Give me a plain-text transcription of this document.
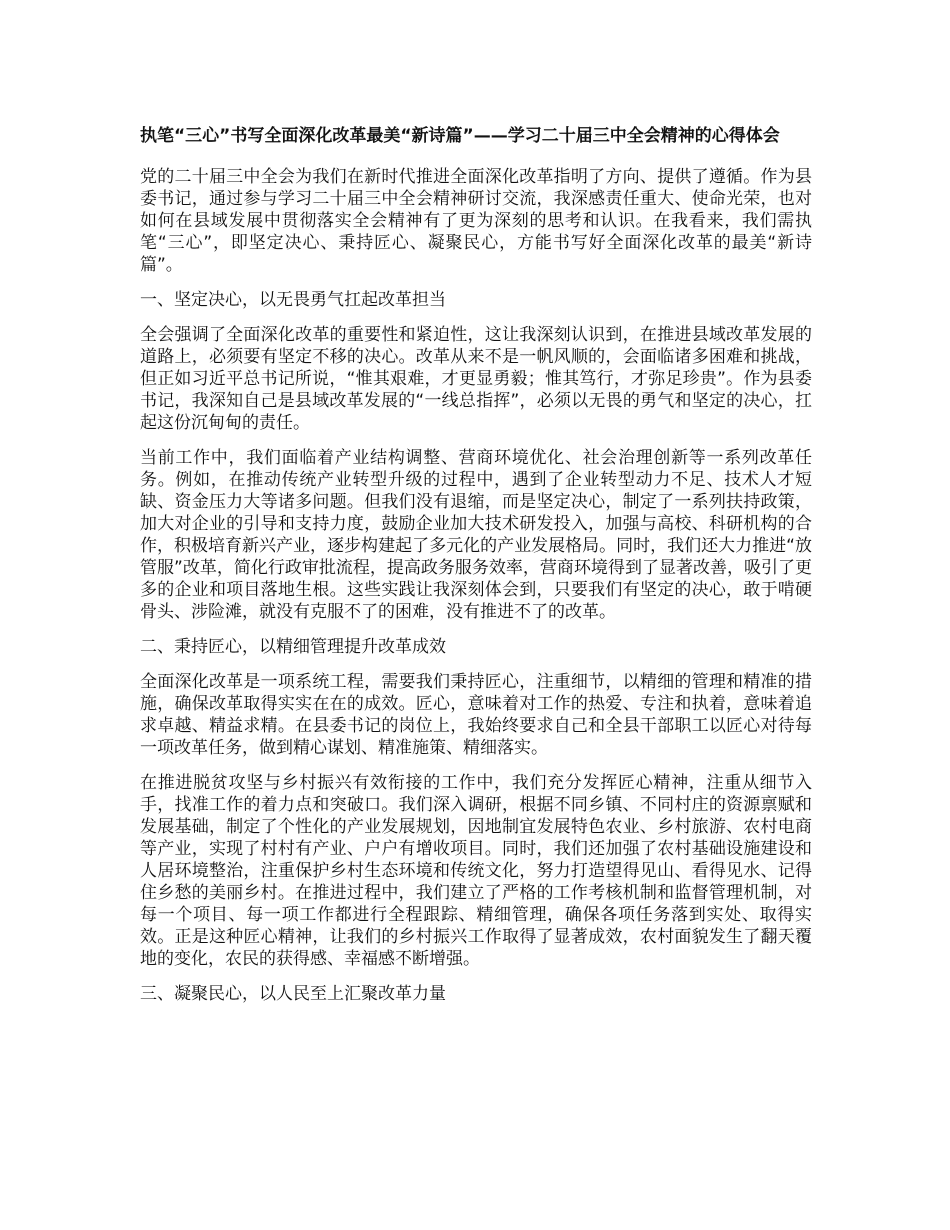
执笔“三心”书写全面深化改革最美“新诗篇”——学习二十届三中全会精神的心得体会
党的二十届三中全会为我们在新时代推进全面深化改革指明了方向、提供了遵循。作为县委书记，通过参与学习二十届三中全会精神研讨交流，我深感责任重大、使命光荣，也对如何在县域发展中贯彻落实全会精神有了更为深刻的思考和认识。在我看来，我们需执笔“三心”，即坚定决心、秉持匠心、凝聚民心，方能书写好全面深化改革的最美“新诗篇”。
一、坚定决心，以无畏勇气扛起改革担当
全会强调了全面深化改革的重要性和紧迫性，这让我深刻认识到，在推进县域改革发展的道路上，必须要有坚定不移的决心。改革从来不是一帆风顺的，会面临诸多困难和挑战，但正如习近平总书记所说，“惟其艰难，才更显勇毅；惟其笃行，才弥足珍贵”。作为县委书记，我深知自己是县域改革发展的“一线总指挥”，必须以无畏的勇气和坚定的决心，扛起这份沉甸甸的责任。
当前工作中，我们面临着产业结构调整、营商环境优化、社会治理创新等一系列改革任务。例如，在推动传统产业转型升级的过程中，遇到了企业转型动力不足、技术人才短缺、资金压力大等诸多问题。但我们没有退缩，而是坚定决心，制定了一系列扶持政策，加大对企业的引导和支持力度，鼓励企业加大技术研发投入，加强与高校、科研机构的合作，积极培育新兴产业，逐步构建起了多元化的产业发展格局。同时，我们还大力推进“放管服”改革，简化行政审批流程，提高政务服务效率，营商环境得到了显著改善，吸引了更多的企业和项目落地生根。这些实践让我深刻体会到，只要我们有坚定的决心，敢于啃硬骨头、涉险滩，就没有克服不了的困难，没有推进不了的改革。
二、秉持匠心，以精细管理提升改革成效
全面深化改革是一项系统工程，需要我们秉持匠心，注重细节，以精细的管理和精准的措施，确保改革取得实实在在的成效。匠心，意味着对工作的热爱、专注和执着，意味着追求卓越、精益求精。在县委书记的岗位上，我始终要求自己和全县干部职工以匠心对待每一项改革任务，做到精心谋划、精准施策、精细落实。
在推进脱贫攻坚与乡村振兴有效衔接的工作中，我们充分发挥匠心精神，注重从细节入手，找准工作的着力点和突破口。我们深入调研，根据不同乡镇、不同村庄的资源禀赋和发展基础，制定了个性化的产业发展规划，因地制宜发展特色农业、乡村旅游、农村电商等产业，实现了村村有产业、户户有增收项目。同时，我们还加强了农村基础设施建设和人居环境整治，注重保护乡村生态环境和传统文化，努力打造望得见山、看得见水、记得住乡愁的美丽乡村。在推进过程中，我们建立了严格的工作考核机制和监督管理机制，对每一个项目、每一项工作都进行全程跟踪、精细管理，确保各项任务落到实处、取得实效。正是这种匠心精神，让我们的乡村振兴工作取得了显著成效，农村面貌发生了翻天覆地的变化，农民的获得感、幸福感不断增强。
三、凝聚民心，以人民至上汇聚改革力量
